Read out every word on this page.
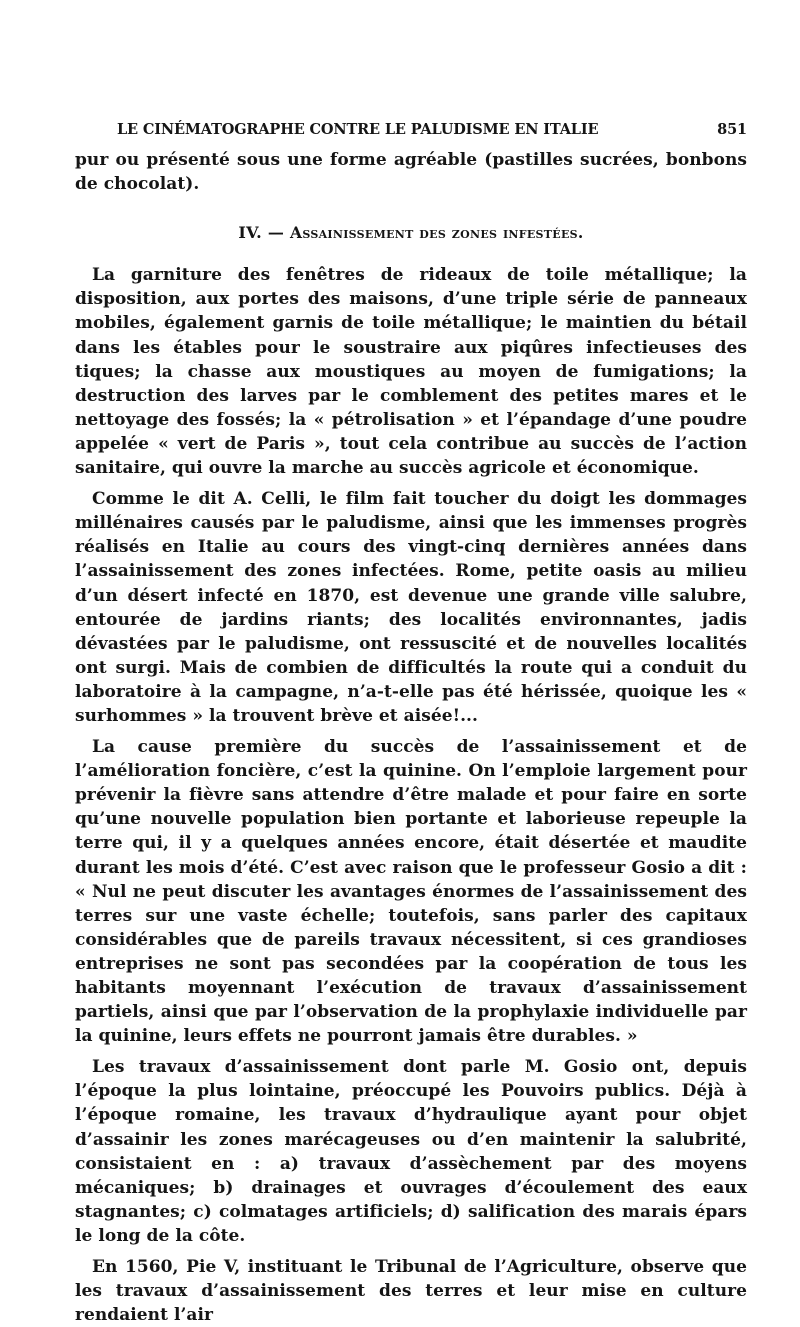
LE CINÉMATOGRAPHE CONTRE LE PALUDISME EN ITALIE	851

pur ou présenté sous une forme agréable (pastilles sucrées, bonbons de chocolat).

IV. — Assainissement des zones infestées.

La garniture des fenêtres de rideaux de toile métallique; la disposition, aux portes des maisons, d’une triple série de panneaux mobiles, également garnis de toile métallique; le maintien du bétail dans les étables pour le soustraire aux piqûres infectieuses des tiques; la chasse aux moustiques au moyen de fumigations; la destruction des larves par le comblement des petites mares et le nettoyage des fossés; la « pétrolisation » et l’épandage d’une poudre appelée « vert de Paris », tout cela contribue au succès de l’action sanitaire, qui ouvre la marche au succès agricole et économique.

Comme le dit A. Celli, le film fait toucher du doigt les dommages millénaires causés par le paludisme, ainsi que les immenses progrès réalisés en Italie au cours des vingt-cinq dernières années dans l’assainissement des zones infectées. Rome, petite oasis au milieu d’un désert infecté en 1870, est devenue une grande ville salubre, entourée de jardins riants; des localités environnantes, jadis dévastées par le paludisme, ont ressuscité et de nouvelles localités ont surgi. Mais de combien de difficultés la route qui a conduit du laboratoire à la campagne, n’a-t-elle pas été hérissée, quoique les « surhommes » la trouvent brève et aisée!...

La cause première du succès de l’assainissement et de l’amélioration foncière, c’est la quinine. On l’emploie largement pour prévenir la fièvre sans attendre d’être malade et pour faire en sorte qu’une nouvelle population bien portante et laborieuse repeuple la terre qui, il y a quelques années encore, était désertée et maudite durant les mois d’été. C’est avec raison que le professeur Gosio a dit : « Nul ne peut discuter les avantages énormes de l’assainissement des terres sur une vaste échelle; toutefois, sans parler des capitaux considérables que de pareils travaux nécessitent, si ces grandioses entreprises ne sont pas secondées par la coopération de tous les habitants moyennant l’exécution de travaux d’assainissement partiels, ainsi que par l’observation de la prophylaxie individuelle par la quinine, leurs effets ne pourront jamais être durables. »

Les travaux d’assainissement dont parle M. Gosio ont, depuis l’époque la plus lointaine, préoccupé les Pouvoirs publics. Déjà à l’époque romaine, les travaux d’hydraulique ayant pour objet d’assainir les zones marécageuses ou d’en maintenir la salubrité, consistaient en : a) travaux d’assèchement par des moyens mécaniques; b) drainages et ouvrages d’écoulement des eaux stagnantes; c) colmatages artificiels; d) salification des marais épars le long de la côte.

En 1560, Pie V, instituant le Tribunal de l’Agriculture, observe que les travaux d’assainissement des terres et leur mise en culture rendaient l’air
